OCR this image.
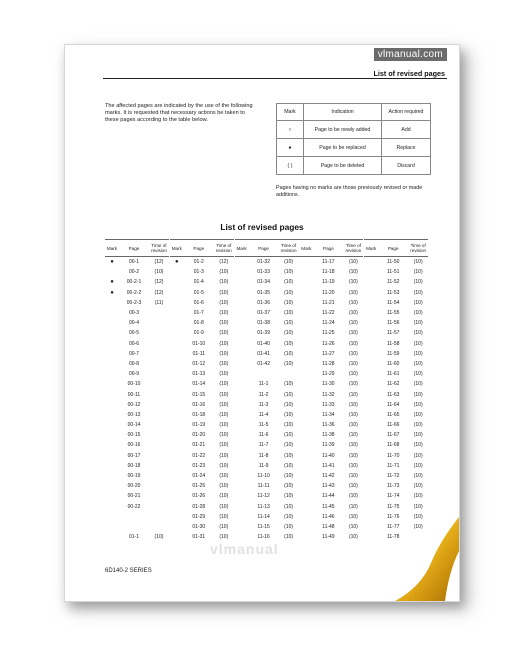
vlmanual.com
List of revised pages
The affected pages are indicated by the use of the following marks. It is requested that necessary actions be taken to these pages according to the table below.
Mark	Indication	Action required
○	Page to be newly added	Add
●	Page to be replaced	Replace
( )	Page to be deleted	Discard
Pages having no marks are those previously revised or made additions.
List of revised pages
Mark	Page	Time of revision
●	00-1	(12)
00-2	(10)
●	00-2-1	(12)
●	00-2-2	(12)
00-2-3	(11)
00-3
00-4
00-5
00-6
00-7
00-8
00-9
00-10
00-11
00-12
00-13
00-14
00-15
00-16
00-17
00-18
00-19
00-20
00-21
00-22
01-1	(10)
Mark	Page	Time of revision
●	01-2	(12)
01-3	(10)
01-4	(10)
01-5	(10)
01-6	(10)
01-7	(10)
01-8	(10)
01-9	(10)
01-10	(10)
01-11	(10)
01-12	(10)
01-13	(10)
01-14	(10)
01-15	(10)
01-16	(10)
01-18	(10)
01-19	(10)
01-20	(10)
01-21	(10)
01-22	(10)
01-23	(10)
01-24	(10)
01-25	(10)
01-26	(10)
01-28	(10)
01-29	(10)
01-30	(10)
01-31	(10)
Mark	Page	Time of revision
01-32	(10)
01-33	(10)
01-34	(10)
01-35	(10)
01-36	(10)
01-37	(10)
01-38	(10)
01-39	(10)
01-40	(10)
01-41	(10)
01-42	(10)
11-1	(10)
11-2	(10)
11-3	(10)
11-4	(10)
11-5	(10)
11-6	(10)
11-7	(10)
11-8	(10)
11-9	(10)
11-10	(10)
11-11	(10)
11-12	(10)
11-13	(10)
11-14	(10)
11-15	(10)
11-16	(10)
Mark	Page	Time of revision
11-17	(10)
11-18	(10)
11-19	(10)
11-20	(10)
11-21	(10)
11-22	(10)
11-24	(10)
11-25	(10)
11-26	(10)
11-27	(10)
11-28	(10)
11-29	(10)
11-30	(10)
11-32	(10)
11-33	(10)
11-34	(10)
11-36	(10)
11-38	(10)
11-39	(10)
11-40	(10)
11-41	(10)
11-42	(10)
11-43	(10)
11-44	(10)
11-45	(10)
11-46	(10)
11-48	(10)
11-49	(10)
Mark	Page	Time of revision
11-50	(10)
11-51	(10)
11-52	(10)
11-53	(10)
11-54	(10)
11-55	(10)
11-56	(10)
11-57	(10)
11-58	(10)
11-59	(10)
11-60	(10)
11-61	(10)
11-62	(10)
11-63	(10)
11-64	(10)
11-65	(10)
11-66	(10)
11-67	(10)
11-68	(10)
11-70	(10)
11-71	(10)
11-72	(10)
11-73	(10)
11-74	(10)
11-75	(10)
11-76	(10)
11-77	(10)
11-78
vlmanual
6D140-2 SERIES
